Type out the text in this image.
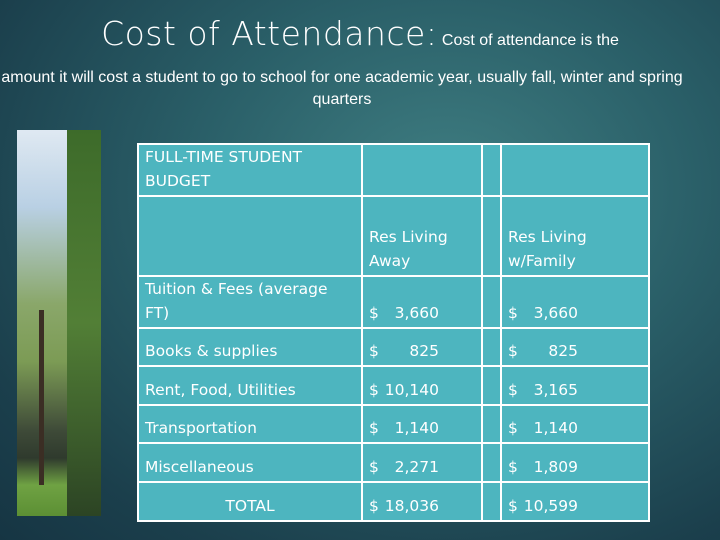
Cost of Attendance: Cost of attendance is the
amount it will cost a student to go to school for one academic year, usually fall, winter and spring quarters
FULL-TIME STUDENT BUDGET			
	Res Living Away		Res Living w/Family
Tuition & Fees (average FT)	$ 3,660		$ 3,660

Books & supplies	$ 825		$ 825

Rent, Food, Utilities	$ 10,140		$ 3,165

Transportation	$ 1,140		$ 1,140

Miscellaneous	$ 2,271		$ 1,809

TOTAL	$ 18,036		$ 10,599
